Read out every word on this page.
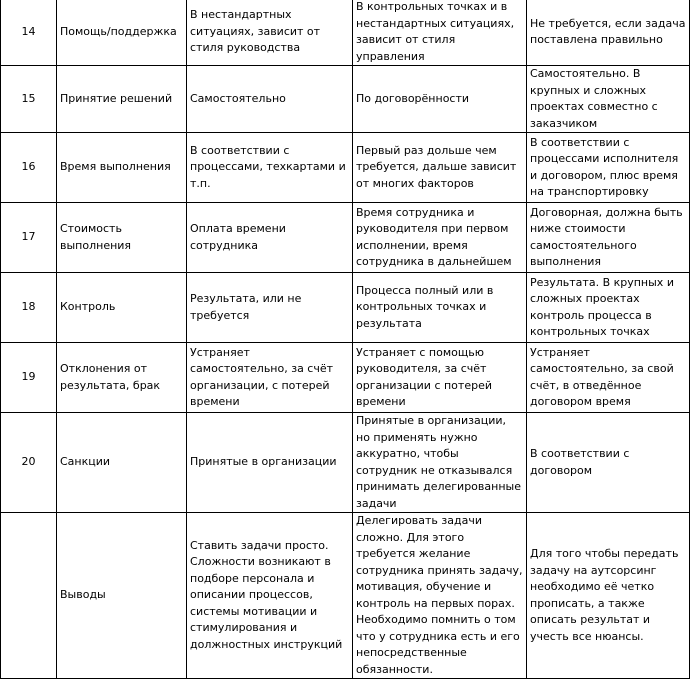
14	Помощь/поддержка	В нестандартных ситуациях, зависит от стиля руководства	В контрольных точках и в нестандартных ситуациях, зависит от стиля управления	Не требуется, если задача поставлена правильно
15	Принятие решений	Самостоятельно	По договорённости	Самостоятельно. В крупных и сложных проектах совместно с заказчиком
16	Время выполнения	В соответствии с процессами, техкартами и т.п.	Первый раз дольше чем требуется, дальше зависит от многих факторов	В соответствии с процессами исполнителя и договором, плюс время на транспортировку
17	Стоимость выполнения	Оплата времени сотрудника	Время сотрудника и руководителя при первом исполнении, время сотрудника в дальнейшем	Договорная, должна быть ниже стоимости самостоятельного выполнения
18	Контроль	Результата, или не требуется	Процесса полный или в контрольных точках и результата	Результата. В крупных и сложных проектах контроль процесса в контрольных точках
19	Отклонения от результата, брак	Устраняет самостоятельно, за счёт организации, с потерей времени	Устраняет с помощью руководителя, за счёт организации с потерей времени	Устраняет самостоятельно, за свой счёт, в отведённое договором время
20	Санкции	Принятые в организации	Принятые в организации, но применять нужно аккуратно, чтобы сотрудник не отказывался принимать делегированные задачи	В соответствии с договором
	Выводы	Ставить задачи просто. Сложности возникают в подборе персонала и описании процессов, системы мотивации и стимулирования и должностных инструкций	Делегировать задачи сложно. Для этого требуется желание сотрудника принять задачу, мотивация, обучение и контроль на первых порах. Необходимо помнить о том что у сотрудника есть и его непосредственные обязанности.	Для того чтобы передать задачу на аутсорсинг необходимо её четко прописать, а также описать результат и учесть все нюансы.
